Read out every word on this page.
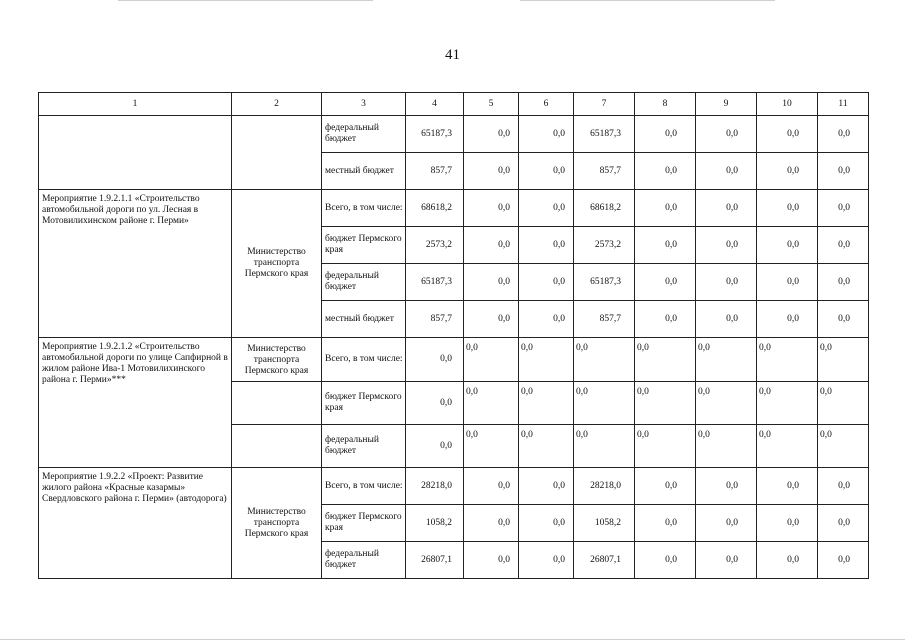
41
1	2	3	4	5	6	7	8	9	10	11
		федеральный бюджет	65187,3	0,0	0,0	65187,3	0,0	0,0	0,0	0,0
		местный бюджет	857,7	0,0	0,0	857,7	0,0	0,0	0,0	0,0
Мероприятие 1.9.2.1.1 «Строительство автомобильной дороги по ул. Лесная в Мотовилихинском районе г. Перми»	Министерство транспорта Пермского края	Всего, в том числе:	68618,2	0,0	0,0	68618,2	0,0	0,0	0,0	0,0
		бюджет Пермского края	2573,2	0,0	0,0	2573,2	0,0	0,0	0,0	0,0
		федеральный бюджет	65187,3	0,0	0,0	65187,3	0,0	0,0	0,0	0,0
		местный бюджет	857,7	0,0	0,0	857,7	0,0	0,0	0,0	0,0
Мероприятие 1.9.2.1.2 «Строительство автомобильной дороги по улице Сапфирной в жилом районе Ива-1 Мотовилихинского района г. Перми»***	Министерство транспорта Пермского края	Всего, в том числе:	0,0	0,0	0,0	0,0	0,0	0,0	0,0	0,0
		бюджет Пермского края	0,0	0,0	0,0	0,0	0,0	0,0	0,0	0,0
		федеральный бюджет	0,0	0,0	0,0	0,0	0,0	0,0	0,0	0,0
Мероприятие 1.9.2.2 «Проект: Развитие жилого района «Красные казармы» Свердловского района г. Перми» (автодорога)	Министерство транспорта Пермского края	Всего, в том числе:	28218,0	0,0	0,0	28218,0	0,0	0,0	0,0	0,0
		бюджет Пермского края	1058,2	0,0	0,0	1058,2	0,0	0,0	0,0	0,0
		федеральный бюджет	26807,1	0,0	0,0	26807,1	0,0	0,0	0,0	0,0
